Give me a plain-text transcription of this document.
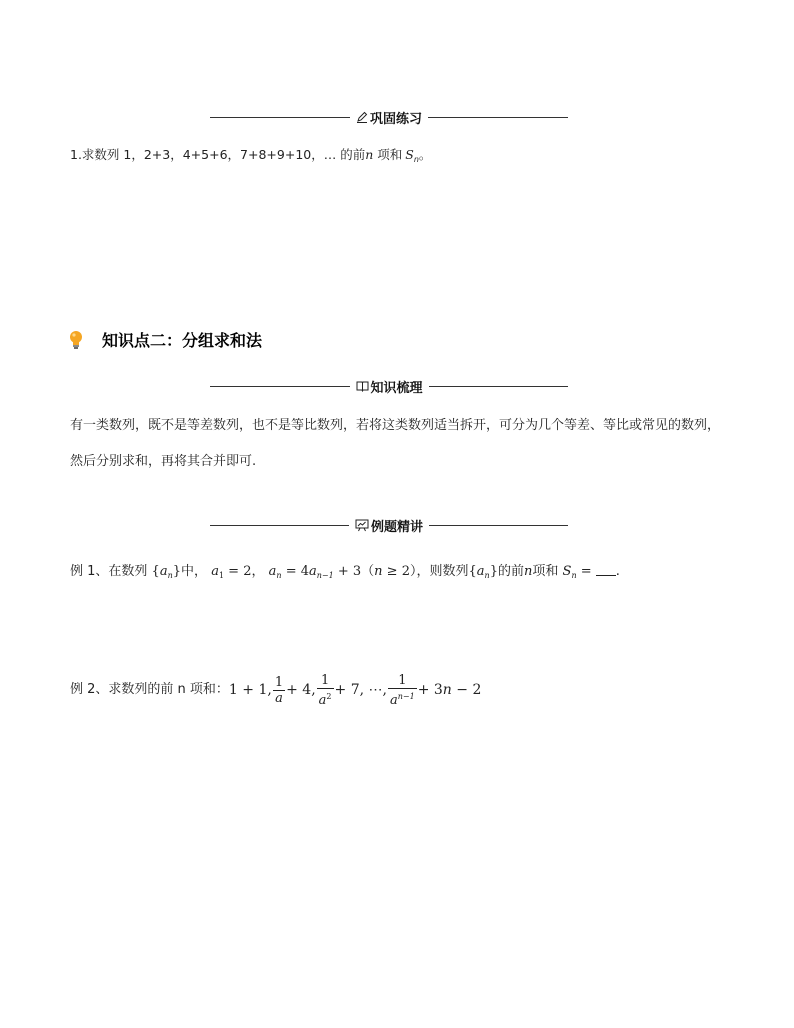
巩固练习
1.求数列 1，2+3，4+5+6，7+8+9+10，… 的前n 项和 $S_n$。
知识点二：分组求和法
知识梳理
有一类数列，既不是等差数列，也不是等比数列，若将这类数列适当拆开，可分为几个等差、等比或常见的数列，然后分别求和，再将其合并即可.
例题精讲
例 1、在数列 $\{a_n\}$中， $a_1 = 2$， $a_n = 4a_{n-1} + 3(n \ge 2)$，则数列$\{a_n\}$的前n项和 $S_n$ = .
例 2、求数列的前 n 项和： 1 + 1, $\frac{1}{a} + 4$, $\frac{1}{a^2} + 7$, ⋯, $\frac{1}{a^{n-1}} + 3n - 2$
